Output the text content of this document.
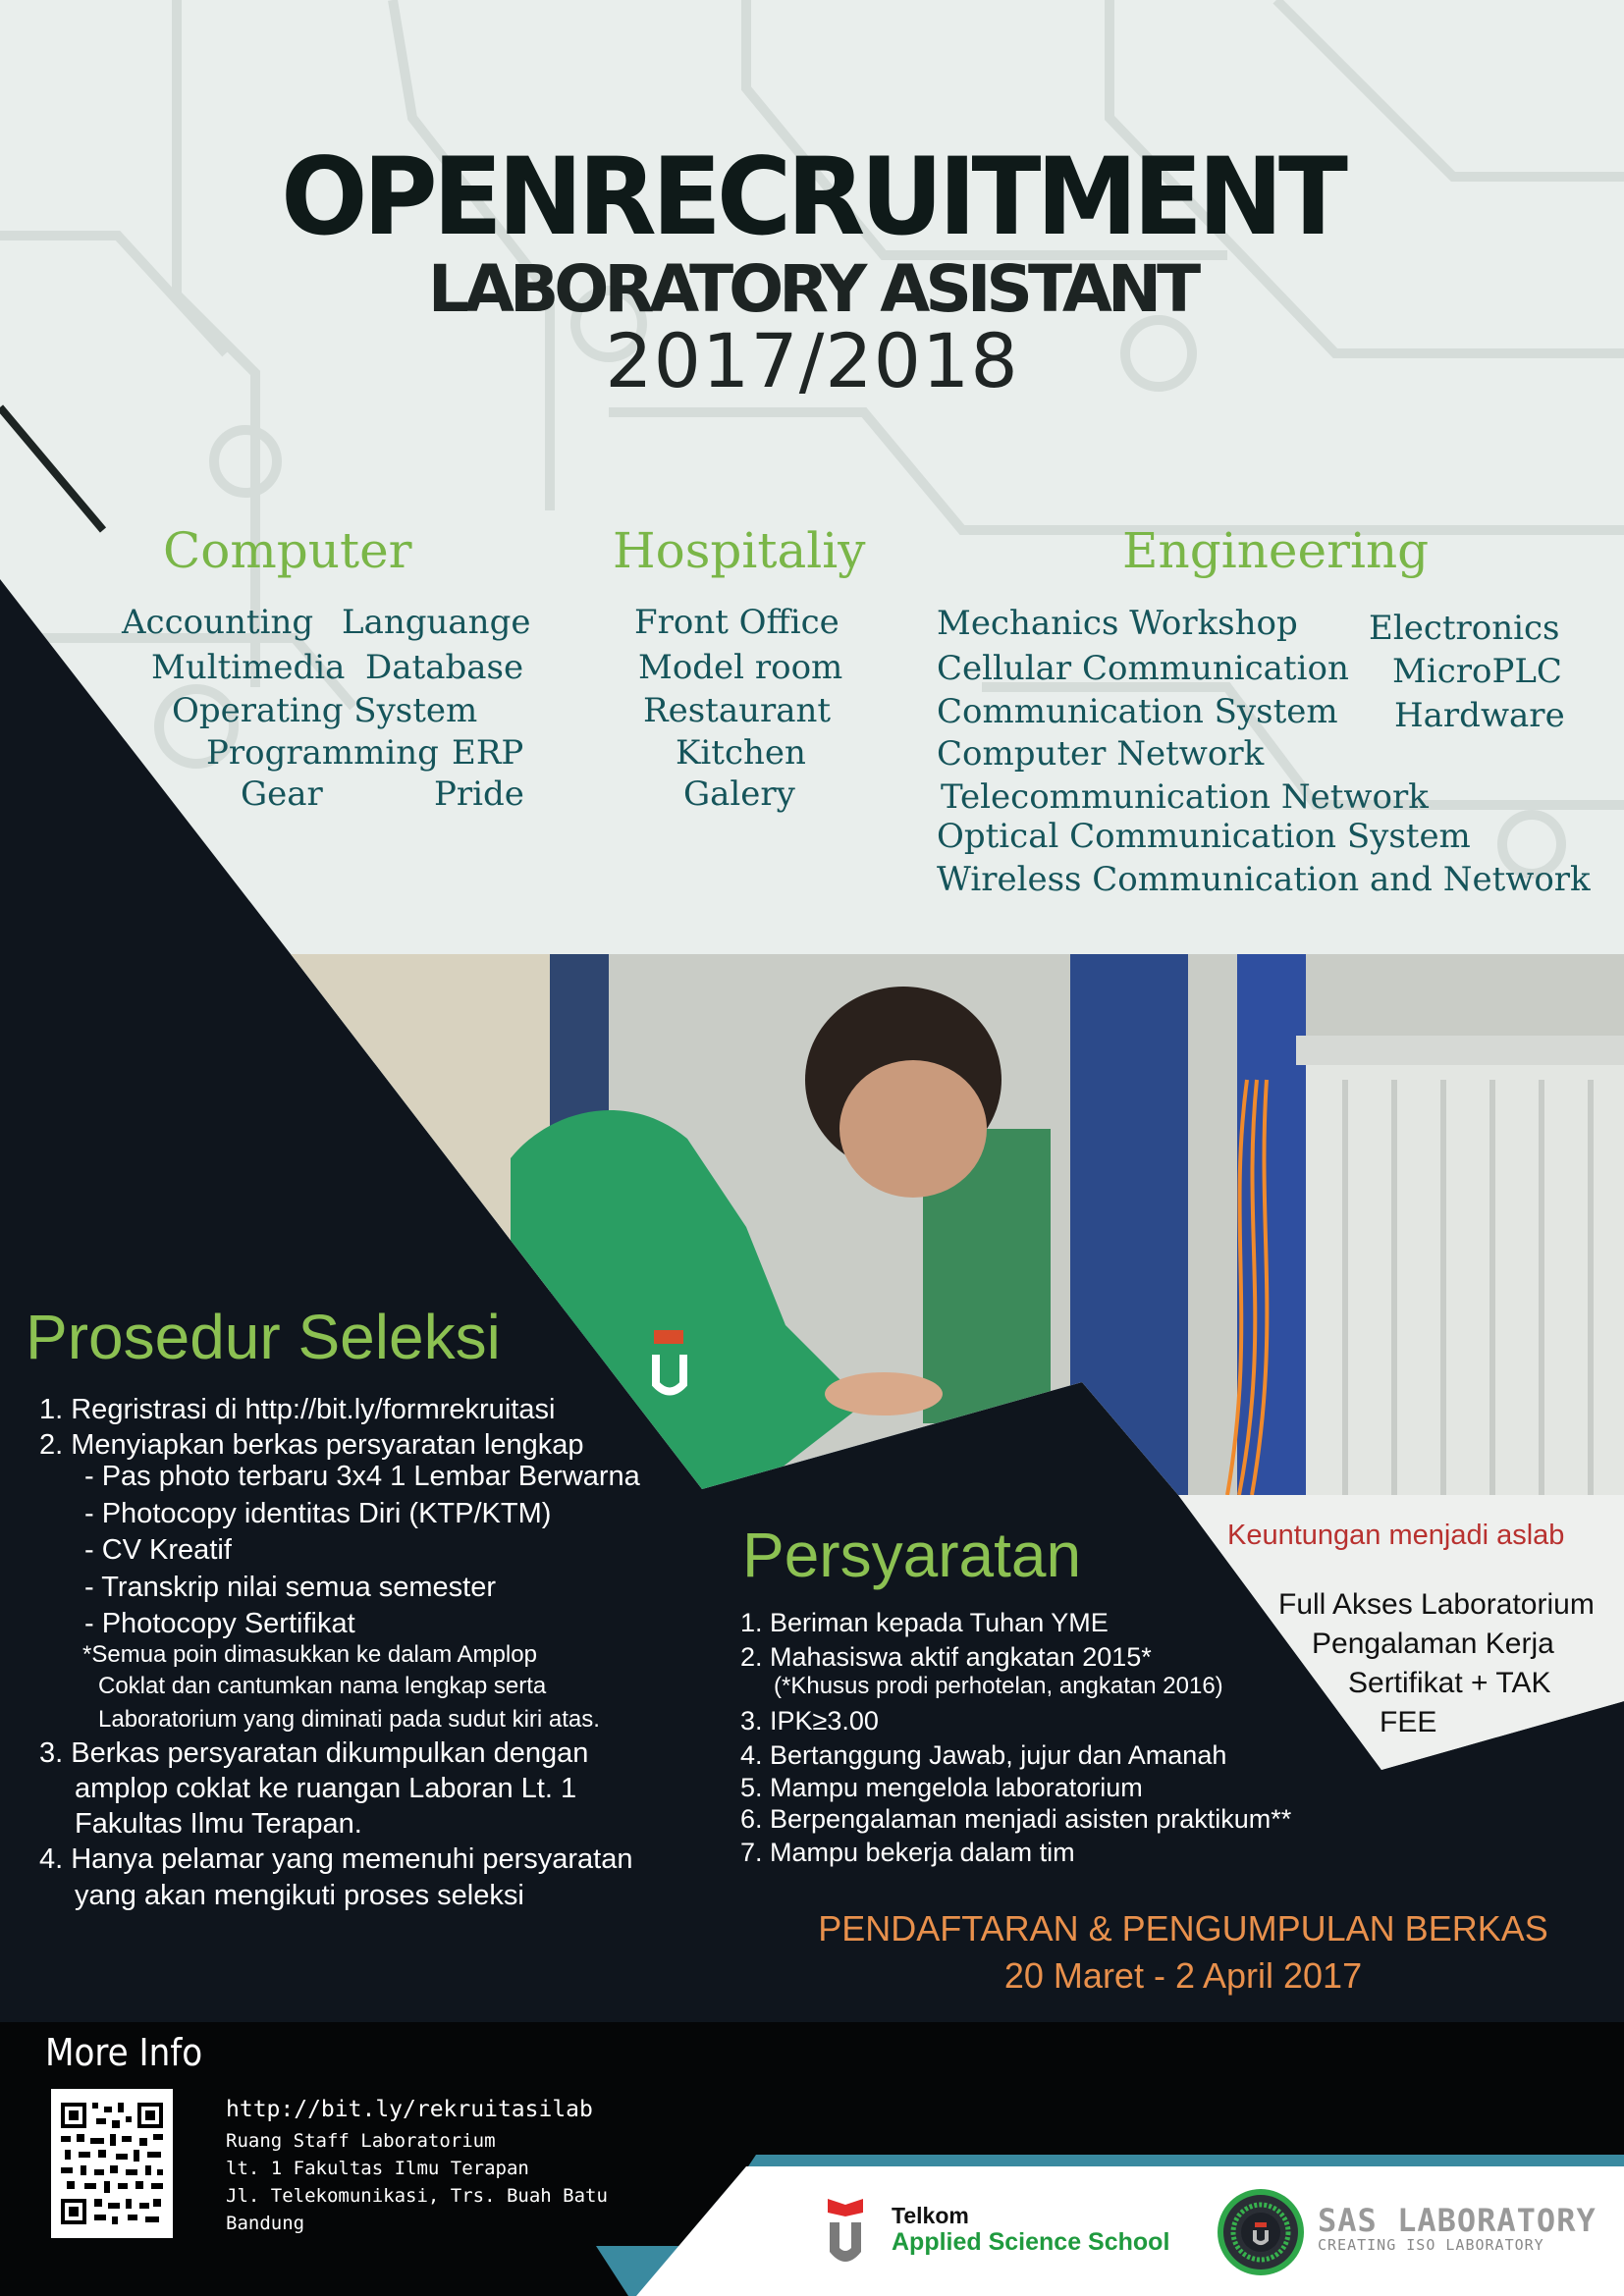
OPENRECRUITMENT
LABORATORY ASISTANT
2017/2018
Computer
Accounting Languange
Multimedia Database
Operating System
Programming ERP
Gear	Pride
Hospitaliy
Front Office
Model room
Restaurant
Kitchen
Galery
Engineering
Mechanics Workshop
Cellular Communication
Communication System
Computer Network
Telecommunication Network
Optical Communication System
Wireless Communication and Network
Electronics
MicroPLC
Hardware
Prosedur Seleksi
1. Regristrasi di http://bit.ly/formrekruitasi
2. Menyiapkan berkas persyaratan lengkap
- Pas photo terbaru 3x4 1 Lembar Berwarna
- Photocopy identitas Diri (KTP/KTM)
- CV Kreatif
- Transkrip nilai semua semester
- Photocopy Sertifikat
*Semua poin dimasukkan ke dalam Amplop
Coklat dan cantumkan nama lengkap serta
Laboratorium yang diminati pada sudut kiri atas.
3. Berkas persyaratan dikumpulkan dengan
amplop coklat ke ruangan Laboran Lt. 1
Fakultas Ilmu Terapan.
4. Hanya pelamar yang memenuhi persyaratan
yang akan mengikuti proses seleksi
Persyaratan
1. Beriman kepada Tuhan YME
2. Mahasiswa aktif angkatan 2015*
(*Khusus prodi perhotelan, angkatan 2016)
3. IPK≥3.00
4. Bertanggung Jawab, jujur dan Amanah
5. Mampu mengelola laboratorium
6. Berpengalaman menjadi asisten praktikum**
7. Mampu bekerja dalam tim
Keuntungan menjadi aslab
Full Akses Laboratorium
Pengalaman Kerja
Sertifikat + TAK
FEE
PENDAFTARAN & PENGUMPULAN BERKAS
20 Maret - 2 April 2017
More Info
http://bit.ly/rekruitasilab
Ruang Staff Laboratorium
lt. 1 Fakultas Ilmu Terapan
Jl. Telekomunikasi, Trs. Buah Batu
Bandung	Telkom
Applied Science School
SAS LABORATORY
CREATING ISO LABORATORY
